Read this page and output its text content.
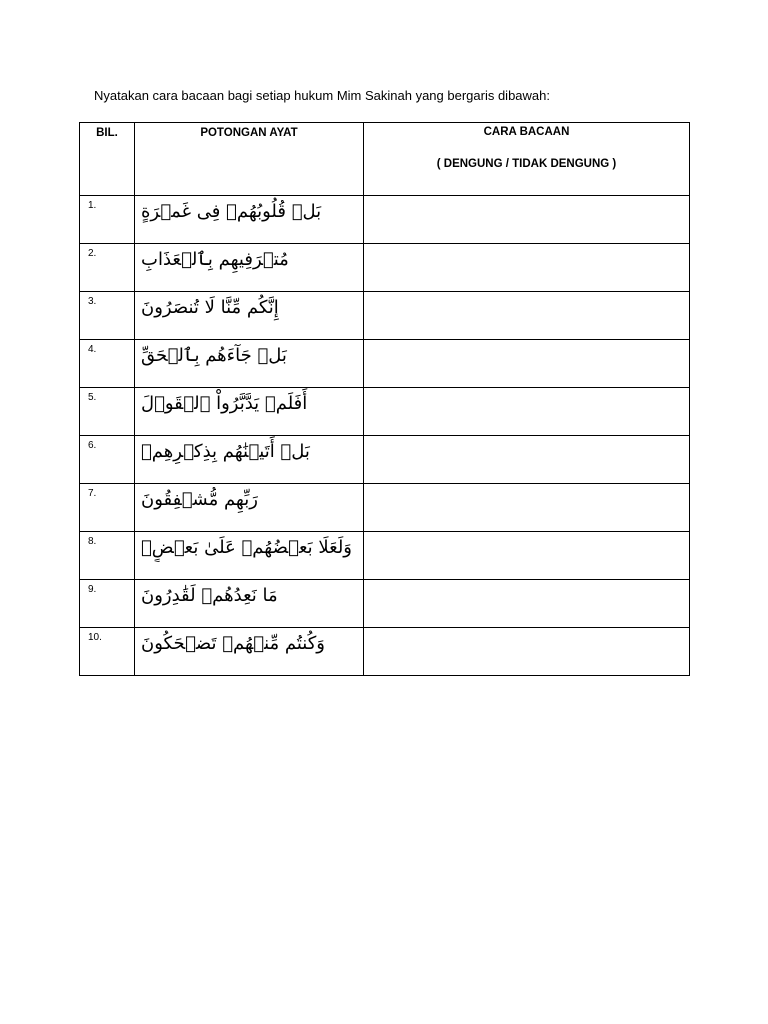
Nyatakan cara bacaan bagi setiap hukum Mim Sakinah yang bergaris dibawah:
BIL.	POTONGAN AYAT	CARA BACAAN
( DENGUNG / TIDAK DENGUNG )

1.	بَلۡ قُلُوبُهُمۡ فِى غَمۡرَةٍ	

2.	مُتۡرَفِيهِم بِٱلۡعَذَابِ	

3.	إِنَّكُم مِّنَّا لَا تُنصَرُونَ	

4.	بَلۡ جَآءَهُم بِٱلۡحَقِّ	

5.	أَفَلَمۡ يَدَّبَّرُواْ ٱلۡقَوۡلَ	

6.	بَلۡ أَتَيۡنَٰهُم بِذِكۡرِهِمۡ	

7.	رَبِّهِم مُّشۡفِقُونَ	

8.	وَلَعَلَا بَعۡضُهُمۡ عَلَىٰ بَعۡضٍۚ	

9.	مَا نَعِدُهُمۡ لَقَٰدِرُونَ	

10.	وَكُنتُم مِّنۡهُمۡ تَضۡحَكُونَ	
